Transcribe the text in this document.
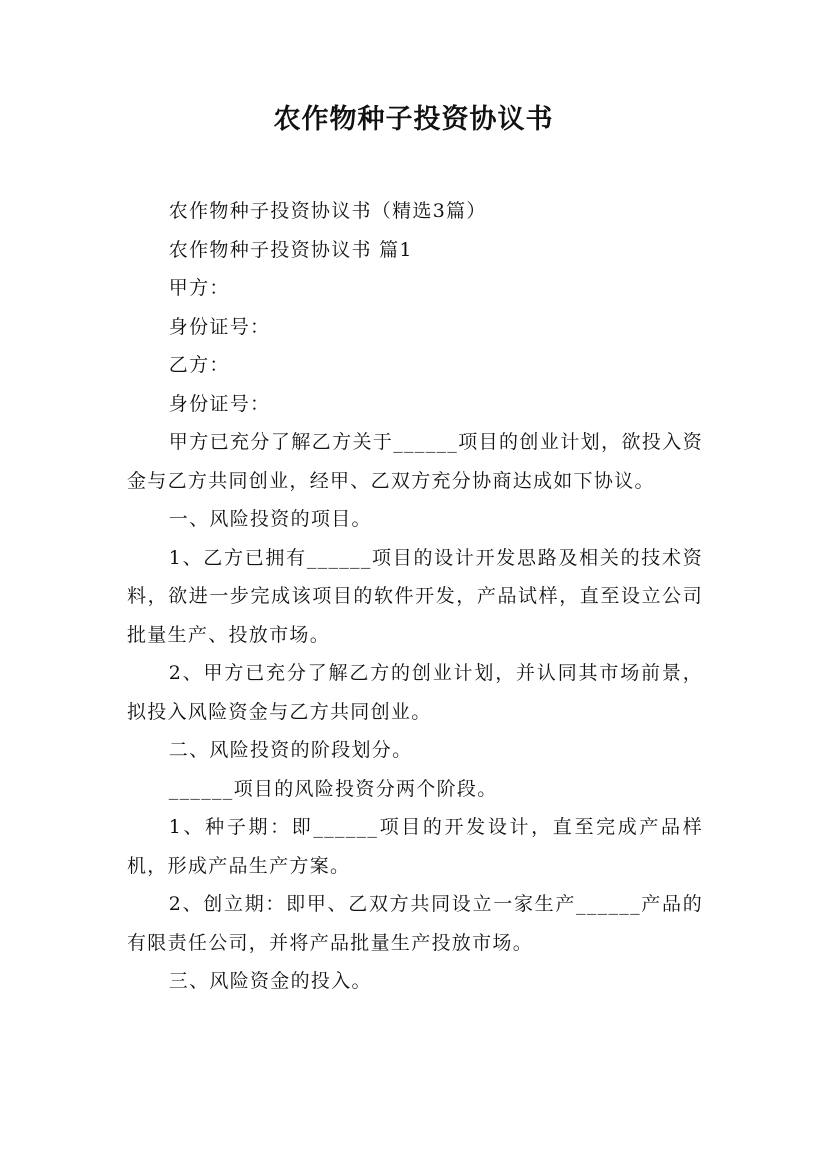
农作物种子投资协议书

农作物种子投资协议书（精选3篇）

农作物种子投资协议书 篇1

甲方：

身份证号：

乙方：

身份证号：

甲方已充分了解乙方关于______项目的创业计划，欲投入资金与乙方共同创业，经甲、乙双方充分协商达成如下协议。

一、风险投资的项目。

1、乙方已拥有______项目的设计开发思路及相关的技术资料，欲进一步完成该项目的软件开发，产品试样，直至设立公司批量生产、投放市场。

2、甲方已充分了解乙方的创业计划，并认同其市场前景，拟投入风险资金与乙方共同创业。

二、风险投资的阶段划分。

______项目的风险投资分两个阶段。

1、种子期：即______项目的开发设计，直至完成产品样机，形成产品生产方案。

2、创立期：即甲、乙双方共同设立一家生产______产品的有限责任公司，并将产品批量生产投放市场。

三、风险资金的投入。
